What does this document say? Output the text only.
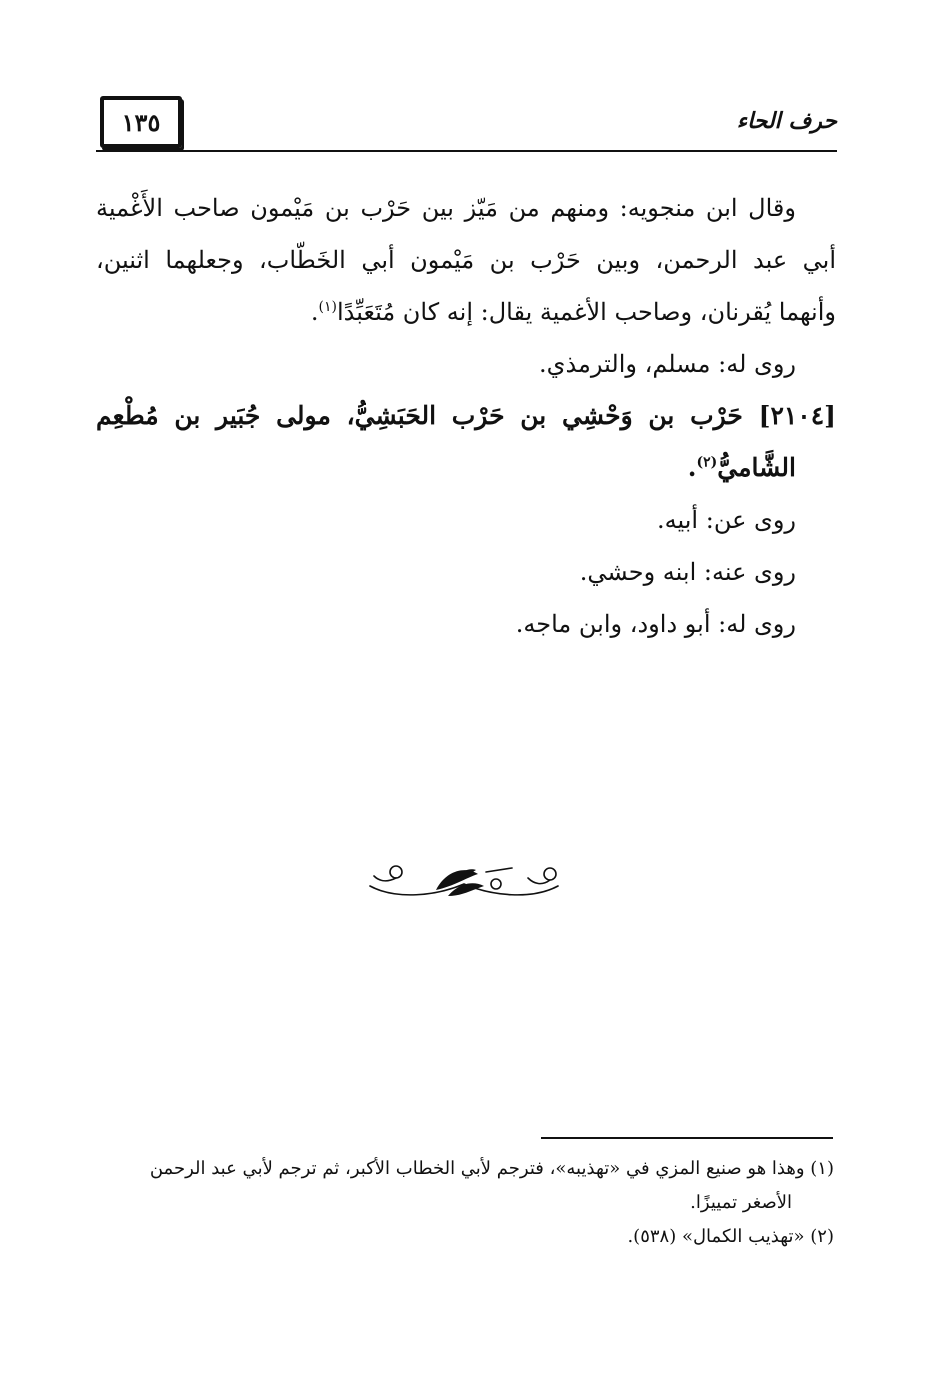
١٣٥	حرف الحاء

وقال ابن منجويه: ومنهم من مَيّز بين حَرْب بن مَيْمون صاحب الأَغْمية

أبي عبد الرحمن، وبين حَرْب بن مَيْمون أبي الخَطّاب، وجعلهما اثنين،

وأنهما يُقرنان، وصاحب الأغمية يقال: إنه كان مُتَعَبِّدًا$^{(١)}$.

روى له: مسلم، والترمذي.

[٢١٠٤] حَرْب بن وَحْشِي بن حَرْب الحَبَشِيُّ، مولى جُبَير بن مُطْعِم

الشَّاميُّ$^{(٢)}$.

روى عن: أبيه.

روى عنه: ابنه وحشي.

روى له: أبو داود، وابن ماجه.

(١) وهذا هو صنيع المزي في «تهذيبه»، فترجم لأبي الخطاب الأكبر، ثم ترجم لأبي عبد الرحمن

الأصغر تمييزًا.

(٢) «تهذيب الكمال» (٥٣٨).
